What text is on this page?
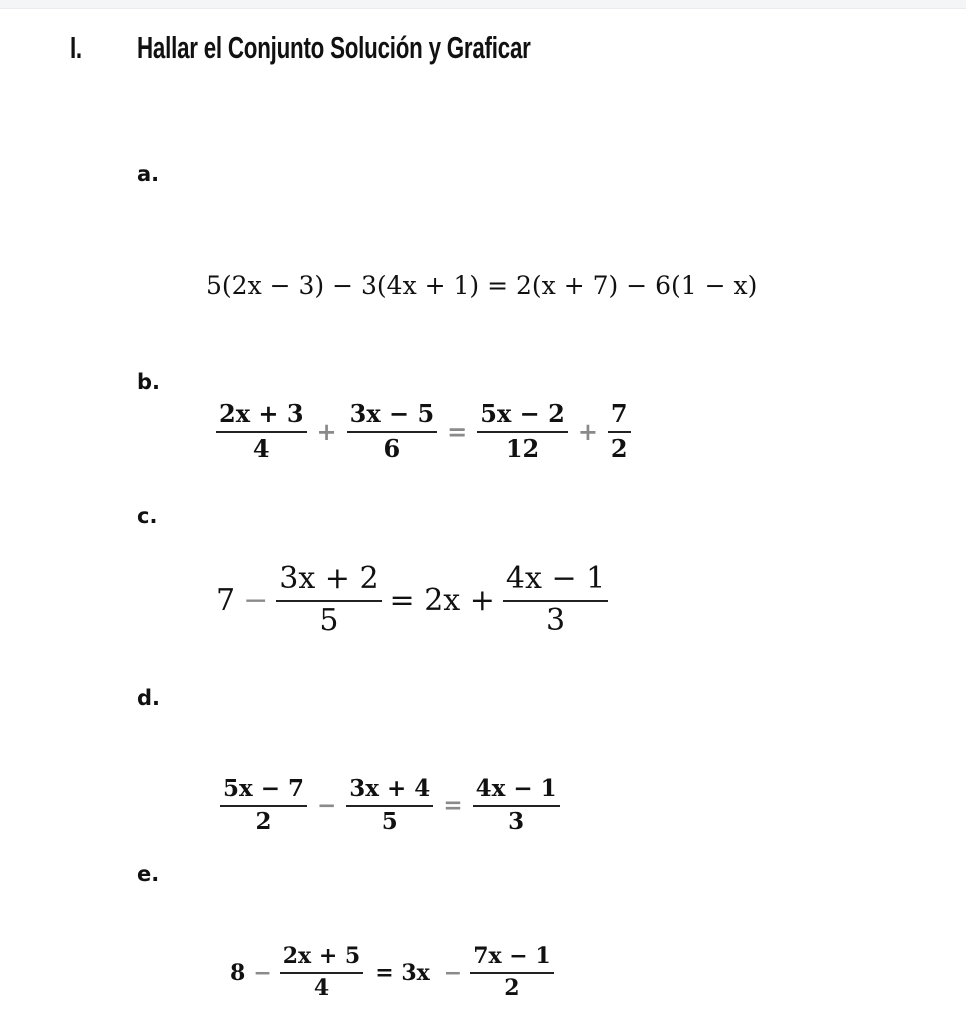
I. Hallar el Conjunto Solución y Graficar
a.
5(2x − 3) − 3(4x + 1) = 2(x + 7) − 6(1 − x)
b.
$\frac{2x + 3}{4} + \frac{3x - 5}{6} = \frac{5x - 2}{12} + \frac{7}{2}$
c.
$7 - \frac{3x + 2}{5} = 2x + \frac{4x - 1}{3}$
d.
$\frac{5x - 7}{2} - \frac{3x + 4}{5} = \frac{4x - 1}{3}$
e.
$8 - \frac{2x + 5}{4} = 3x - \frac{7x - 1}{2}$
